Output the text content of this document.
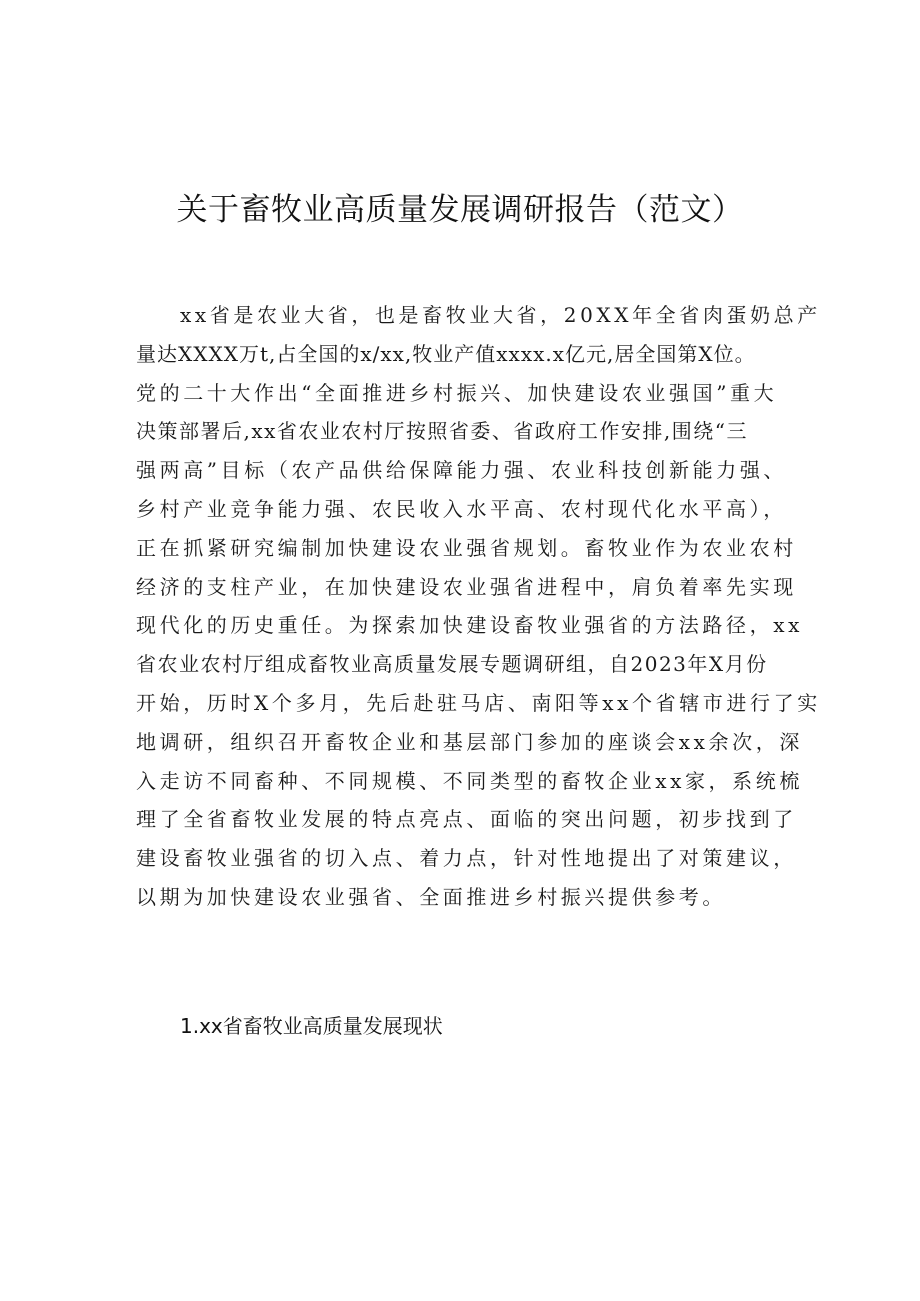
关于畜牧业高质量发展调研报告（范文）
xx省是农业大省，也是畜牧业大省，20XX年全省肉蛋奶总产
量达XXXX万t,占全国的x∕xx,牧业产值xxxx.x亿元,居全国第X位。
党的二十大作出“全面推进乡村振兴、加快建设农业强国”重大
决策部署后,xx省农业农村厅按照省委、省政府工作安排,围绕“三
强两高”目标（农产品供给保障能力强、农业科技创新能力强、
乡村产业竞争能力强、农民收入水平高、农村现代化水平高），
正在抓紧研究编制加快建设农业强省规划。畜牧业作为农业农村
经济的支柱产业，在加快建设农业强省进程中，肩负着率先实现
现代化的历史重任。为探索加快建设畜牧业强省的方法路径，xx
省农业农村厅组成畜牧业高质量发展专题调研组，自2023年X月份
开始，历时X个多月，先后赴驻马店、南阳等xx个省辖市进行了实
地调研，组织召开畜牧企业和基层部门参加的座谈会xx余次，深
入走访不同畜种、不同规模、不同类型的畜牧企业xx家，系统梳
理了全省畜牧业发展的特点亮点、面临的突出问题，初步找到了
建设畜牧业强省的切入点、着力点，针对性地提出了对策建议，
以期为加快建设农业强省、全面推进乡村振兴提供参考。
1.xx省畜牧业高质量发展现状
